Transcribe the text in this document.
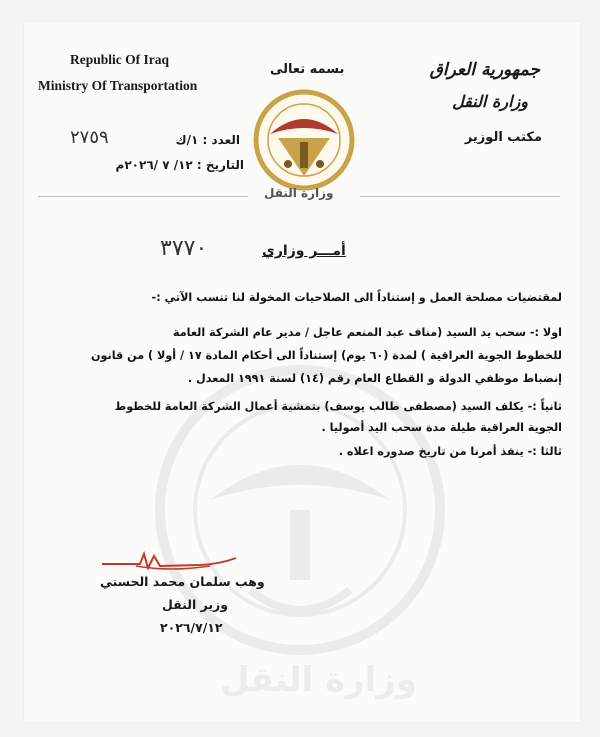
وزارة النقل
Republic Of Iraq
Ministry Of Transportation
جمهورية العراق
وزارة النقل
مكتب الوزير
بسمه تعالى
وزارة النقل
العدد : ١/ك
٢٧٥٩
التاريخ : ١٢/ ٧ /٢٠٢٦م
أمـــر وزاري
٣٧٧٠
لمقتضيات مصلحة العمل و إستناداً الى الصلاحيات المخولة لنا تنسب الآتي :-
اولا :- سحب يد السيد (مناف عبد المنعم عاجل / مدير عام الشركة العامة
للخطوط الجوية العراقية ) لمدة (٦٠ يوم) إستناداً الى أحكام المادة ١٧ / أولا ) من قانون
إنضباط موظفي الدولة و القطاع العام رقم (١٤) لسنة ١٩٩١ المعدل .
ثانياً :- يكلف السيد (مصطفى طالب يوسف) بتمشية أعمال الشركة العامة للخطوط
الجوية العراقية طيلة مدة سحب اليد أصوليا .
ثالثا :- ينفذ أمرنا من تاريخ صدوره اعلاه .
وهب سلمان محمد الحسني
وزير النقل
٢٠٢٦/٧/١٢
